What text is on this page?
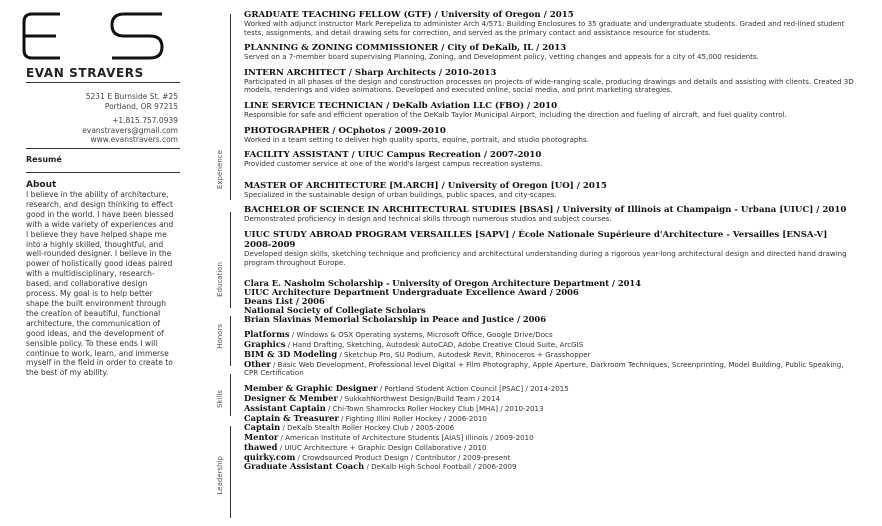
EVAN STRAVERS
5231 E Burnside St. #25
Portland, OR 97215
+1.815.757.0939
evanstravers@gmail.com
www.evanstravers.com
Resumé
About
I believe in the ability of architecture, research, and design thinking to effect good in the world. I have been blessed with a wide variety of experiences and I believe they have helped shape me into a highly skilled, thoughtful, and well-rounded designer. I believe in the power of holistically good ideas paired with a multidisciplinary, research-based, and collaborative design process. My goal is to help better shape the built environment through the creation of beautiful, functional architecture, the communication of good ideas, and the development of sensible policy. To these ends I will continue to work, learn, and immerse myself in the field in order to create to the best of my ability.
Experience
Education
Honors
Skills
Leadership
GRADUATE TEACHING FELLOW (GTF) / University of Oregon / 2015
Worked with adjunct instructor Mark Perepeliza to administer Arch 4/571: Building Enclosures to 35 graduate and undergraduate students. Graded and red-lined student tests, assignments, and detail drawing sets for correction, and served as the primary contact and assistance resource for students.
PLANNING & ZONING COMMISSIONER / City of DeKalb, IL / 2013
Served on a 7-member board supervising Planning, Zoning, and Development policy, vetting changes and appeals for a city of 45,000 residents.
INTERN ARCHITECT / Sharp Architects / 2010-2013
Participated in all phases of the design and construction processes on projects of wide-ranging scale, producing drawings and details and assisting with clients. Created 3D models, renderings and video animations. Developed and executed online, social media, and print marketing strategies.
LINE SERVICE TECHNICIAN / DeKalb Aviation LLC (FBO) / 2010
Responsible for safe and efficient operation of the DeKalb Taylor Municipal Airport, including the direction and fueling of aircraft, and fuel quality control.
PHOTOGRAPHER / OCphotos / 2009-2010
Worked in a team setting to deliver high quality sports, equine, portrait, and studio photographs.
FACILITY ASSISTANT / UIUC Campus Recreation / 2007-2010
Provided customer service at one of the world's largest campus recreation systems.
MASTER OF ARCHITECTURE [M.ARCH] / University of Oregon [UO] / 2015
Specialized in the sustainable design of urban buildings, public spaces, and city-scapes.
BACHELOR OF SCIENCE IN ARCHITECTURAL STUDIES [BSAS] / University of Illinois at Champaign - Urbana [UIUC] / 2010
Demonstrated proficiency in design and technical skills through numerous studios and subject courses.
UIUC STUDY ABROAD PROGRAM VERSAILLES [SAPV] / École Nationale Supérieure d'Architecture - Versailles [ENSA-V] 2008-2009
Developed design skills, sketching technique and proficiency and architectural understanding during a rigorous year-long architectural design and directed hand drawing program throughout Europe.
Clara E. Nasholm Scholarship - University of Oregon Architecture Department / 2014
UIUC Architecture Department Undergraduate Excellence Award / 2006
Deans List / 2006
National Society of Collegiate Scholars
Brian Slavinas Memorial Scholarship in Peace and Justice / 2006
Platforms / Windows & OSX Operating systems, Microsoft Office, Google Drive/Docs
Graphics / Hand Drafting, Sketching, Autodesk AutoCAD, Adobe Creative Cloud Suite, ArcGIS
BIM & 3D Modeling / Sketchup Pro, SU Podium, Autodesk Revit, Rhinoceros + Grasshopper
Other / Basic Web Development, Professional level Digital + Film Photography, Apple Aperture, Darkroom Techniques, Screenprinting, Model Building, Public Speaking, CPR Certification
Member & Graphic Designer / Portland Student Action Council [PSAC] / 2014-2015
Designer & Member / SukkahNorthwest Design/Build Team / 2014
Assistant Captain / Chi-Town Shamrocks Roller Hockey Club [MHA] / 2010-2013
Captain & Treasurer / Fighting Illini Roller Hockey / 2006-2010
Captain / DeKalb Stealth Roller Hockey Club / 2005-2006
Mentor / American Institute of Architecture Students [AIAS] Illinois / 2009-2010
thawed / UIUC Architecture + Graphic Design Collaborative / 2010
quirky.com / Crowdsourced Product Design / Contributor / 2009-present
Graduate Assistant Coach / DeKalb High School Football / 2006-2009
